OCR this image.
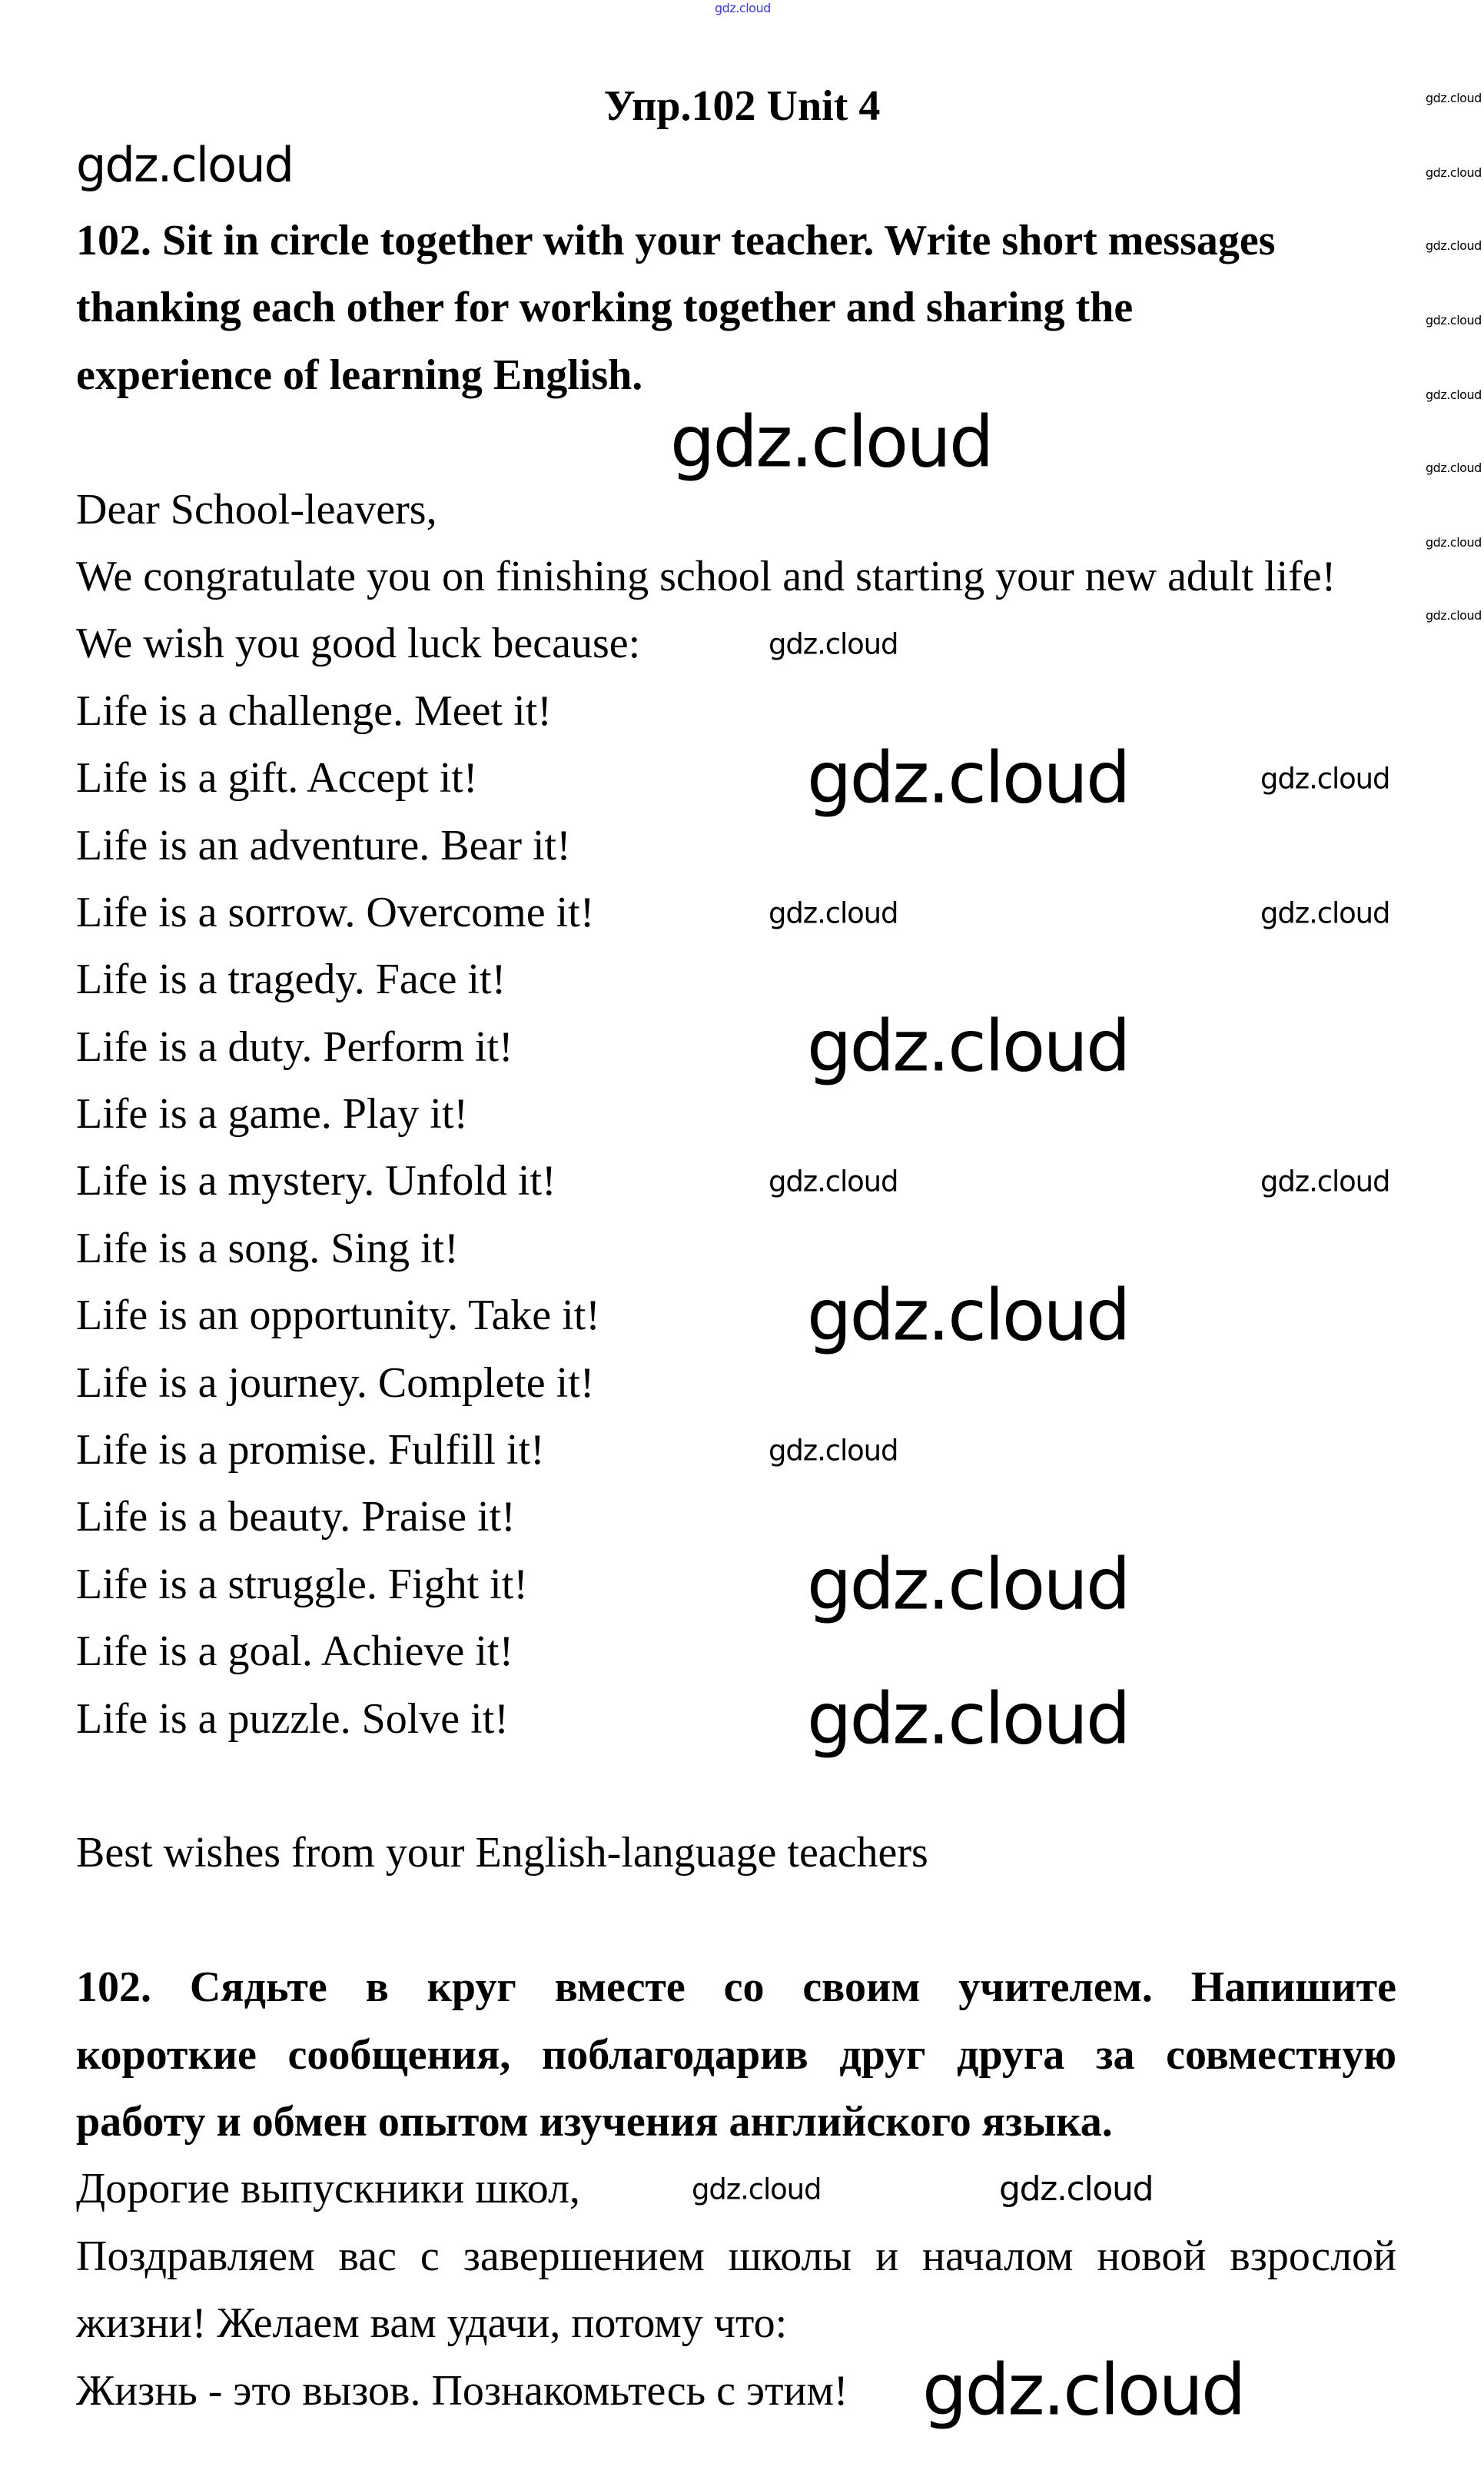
gdz.cloud
Упр.102 Unit 4
102. Sit in circle together with your teacher. Write short messages
thanking each other for working together and sharing the
experience of learning English.
Dear School-leavers,
We congratulate you on finishing school and starting your new adult life!
We wish you good luck because:
Life is a challenge. Meet it!
Life is a gift. Accept it!
Life is an adventure. Bear it!
Life is a sorrow. Overcome it!
Life is a tragedy. Face it!
Life is a duty. Perform it!
Life is a game. Play it!
Life is a mystery. Unfold it!
Life is a song. Sing it!
Life is an opportunity. Take it!
Life is a journey. Complete it!
Life is a promise. Fulfill it!
Life is a beauty. Praise it!
Life is a struggle. Fight it!
Life is a goal. Achieve it!
Life is a puzzle. Solve it!
Best wishes from your English-language teachers
102. Сядьте в круг вместе со своим учителем. Напишите
короткие сообщения, поблагодарив друг друга за совместную
работу и обмен опытом изучения английского языка.
Дорогие выпускники школ,
Поздравляем вас с завершением школы и началом новой взрослой
жизни! Желаем вам удачи, потому что:
Жизнь - это вызов. Познакомьтесь с этим!
gdz.cloud
gdz.cloud
gdz.cloud
gdz.cloud
gdz.cloud
gdz.cloud
gdz.cloud
gdz.cloud
gdz.cloud
gdz.cloud
gdz.cloud
gdz.cloud
gdz.cloud
gdz.cloud
gdz.cloud
gdz.cloud
gdz.cloud
gdz.cloud
gdz.cloud	gdz.cloud
gdz.cloud	gdz.cloud
gdz.cloud
gdz.cloud	gdz.cloud
